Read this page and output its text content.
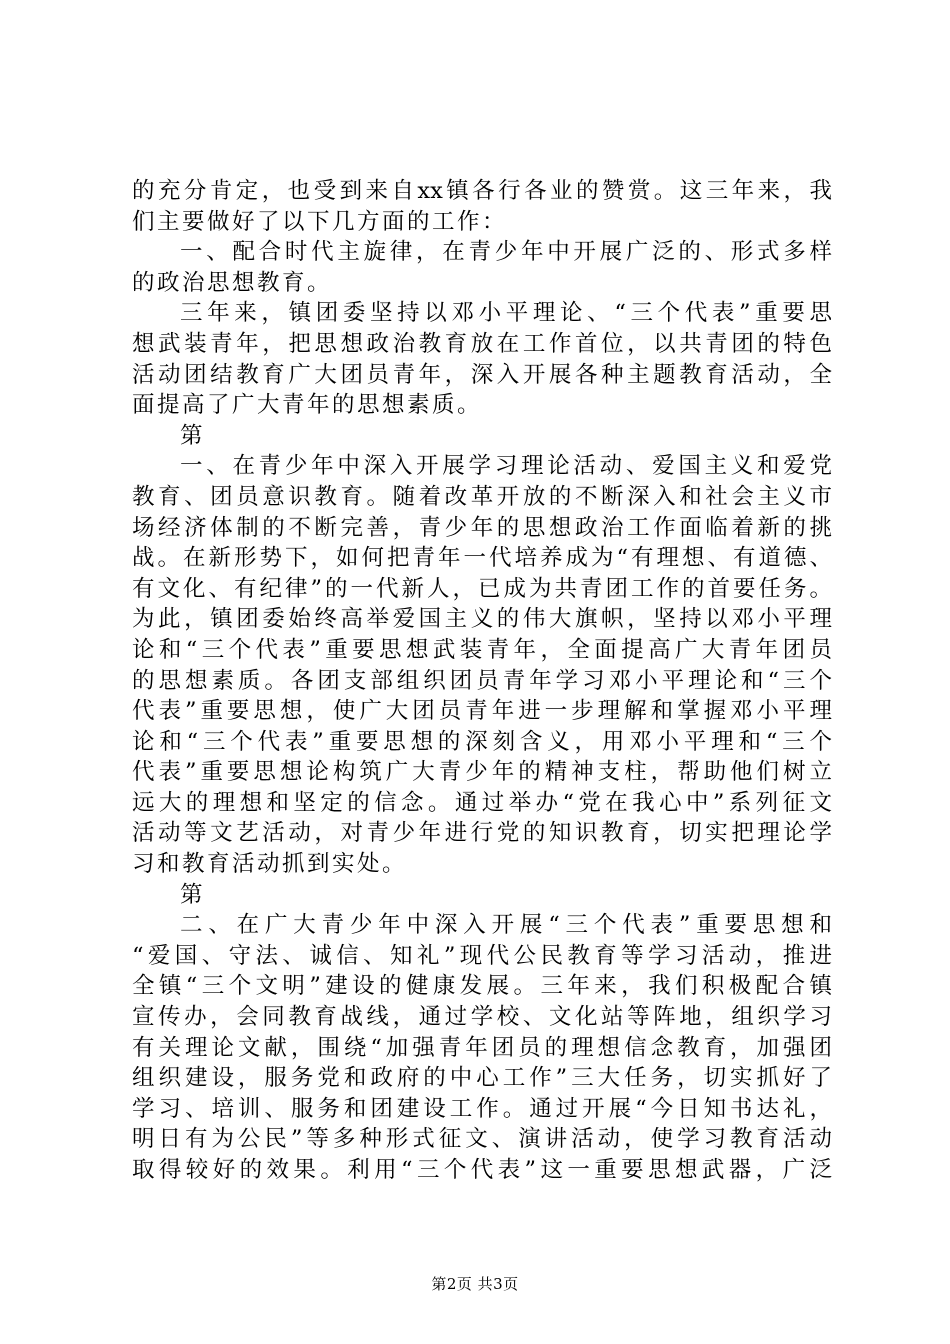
的充分肯定，也受到来自xx镇各行各业的赞赏。这三年来，我
们主要做好了以下几方面的工作：
一、配合时代主旋律，在青少年中开展广泛的、形式多样
的政治思想教育。
三年来，镇团委坚持以邓小平理论、“三个代表”重要思
想武装青年，把思想政治教育放在工作首位，以共青团的特色
活动团结教育广大团员青年，深入开展各种主题教育活动，全
面提高了广大青年的思想素质。
第
一、在青少年中深入开展学习理论活动、爱国主义和爱党
教育、团员意识教育。随着改革开放的不断深入和社会主义市
场经济体制的不断完善，青少年的思想政治工作面临着新的挑
战。在新形势下，如何把青年一代培养成为“有理想、有道德、
有文化、有纪律”的一代新人，已成为共青团工作的首要任务。
为此，镇团委始终高举爱国主义的伟大旗帜，坚持以邓小平理
论和“三个代表”重要思想武装青年，全面提高广大青年团员
的思想素质。各团支部组织团员青年学习邓小平理论和“三个
代表”重要思想，使广大团员青年进一步理解和掌握邓小平理
论和“三个代表”重要思想的深刻含义，用邓小平理和“三个
代表”重要思想论构筑广大青少年的精神支柱，帮助他们树立
远大的理想和坚定的信念。通过举办“党在我心中”系列征文
活动等文艺活动，对青少年进行党的知识教育，切实把理论学
习和教育活动抓到实处。
第
二、在广大青少年中深入开展“三个代表”重要思想和
“爱国、守法、诚信、知礼”现代公民教育等学习活动，推进
全镇“三个文明”建设的健康发展。三年来，我们积极配合镇
宣传办，会同教育战线，通过学校、文化站等阵地，组织学习
有关理论文献，围绕“加强青年团员的理想信念教育，加强团
组织建设，服务党和政府的中心工作”三大任务，切实抓好了
学习、培训、服务和团建设工作。通过开展“今日知书达礼，
明日有为公民”等多种形式征文、演讲活动，使学习教育活动
取得较好的效果。利用“三个代表”这一重要思想武器，广泛
第2页 共3页
